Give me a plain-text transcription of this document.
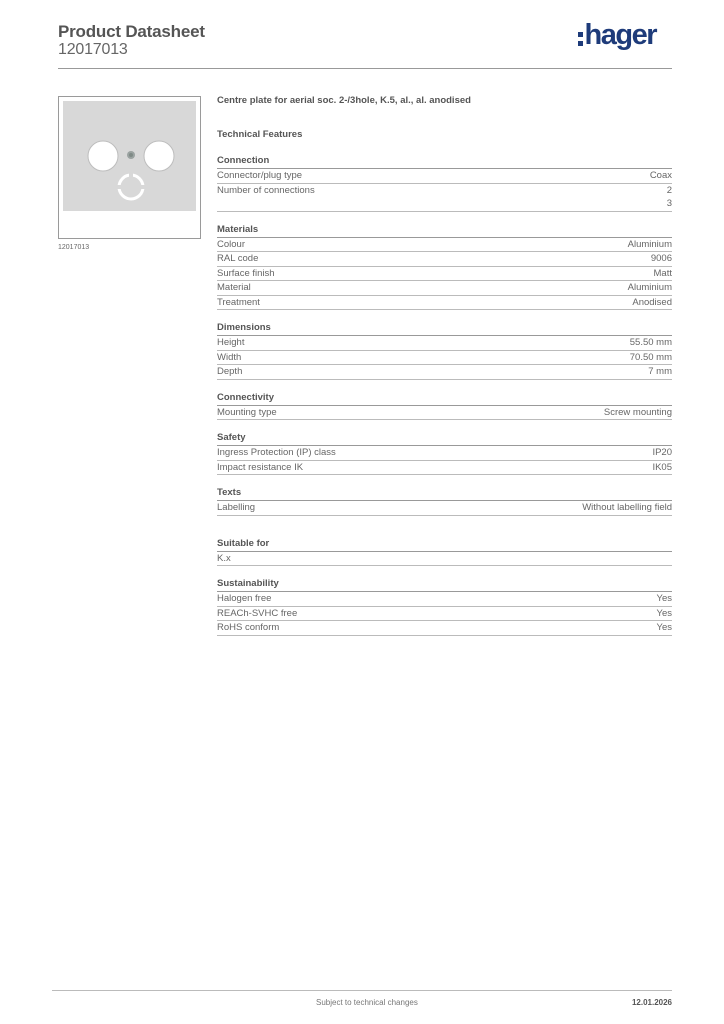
Product Datasheet
12017013	hager
12017013
Centre plate for aerial soc. 2-/3hole, K.5, al., al. anodised
Technical Features
Connection
Connector/plug type	Coax
Number of connections	2
3
Materials
Colour	Aluminium
RAL code	9006
Surface finish	Matt
Material	Aluminium
Treatment	Anodised
Dimensions
Height	55.50 mm
Width	70.50 mm
Depth	7 mm
Connectivity
Mounting type	Screw mounting
Safety
Ingress Protection (IP) class	IP20
Impact resistance IK	IK05
Texts
Labelling	Without labelling field
Suitable for
K.x
Sustainability
Halogen free	Yes
REACh-SVHC free	Yes
RoHS conform	Yes
Subject to technical changes	12.01.2026
